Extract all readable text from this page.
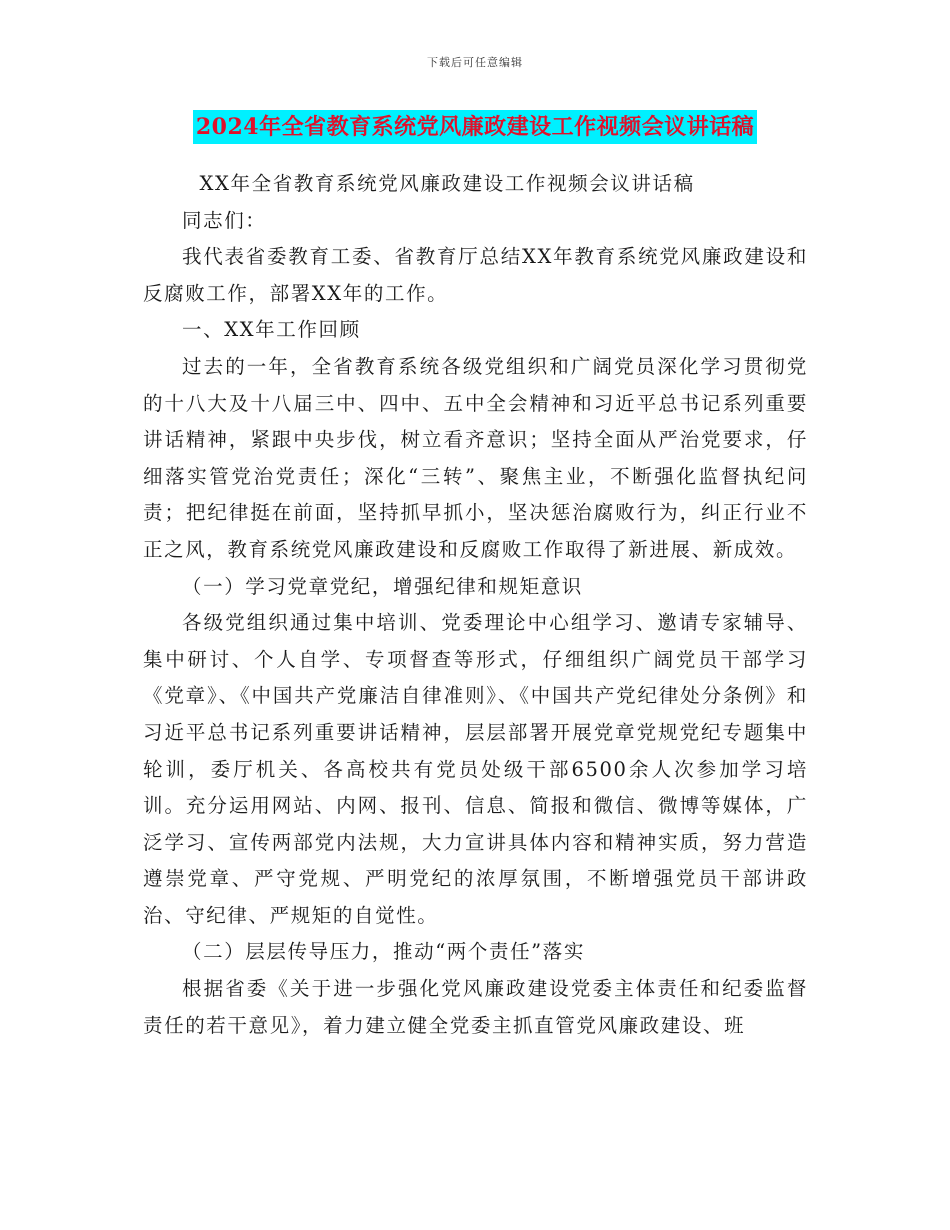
下载后可任意编辑
2024年全省教育系统党风廉政建设工作视频会议讲话稿

XX年全省教育系统党风廉政建设工作视频会议讲话稿

同志们：

我代表省委教育工委、省教育厅总结XX年教育系统党风廉政建设和反腐败工作，部署XX年的工作。

一、XX年工作回顾

过去的一年，全省教育系统各级党组织和广阔党员深化学习贯彻党的十八大及十八届三中、四中、五中全会精神和习近平总书记系列重要讲话精神，紧跟中央步伐，树立看齐意识；坚持全面从严治党要求，仔细落实管党治党责任；深化“三转”、聚焦主业，不断强化监督执纪问责；把纪律挺在前面，坚持抓早抓小，坚决惩治腐败行为，纠正行业不正之风，教育系统党风廉政建设和反腐败工作取得了新进展、新成效。

（一）学习党章党纪，增强纪律和规矩意识

各级党组织通过集中培训、党委理论中心组学习、邀请专家辅导、集中研讨、个人自学、专项督查等形式，仔细组织广阔党员干部学习《党章》、《中国共产党廉洁自律准则》、《中国共产党纪律处分条例》和习近平总书记系列重要讲话精神，层层部署开展党章党规党纪专题集中轮训，委厅机关、各高校共有党员处级干部6500余人次参加学习培训。充分运用网站、内网、报刊、信息、简报和微信、微博等媒体，广泛学习、宣传两部党内法规，大力宣讲具体内容和精神实质，努力营造遵崇党章、严守党规、严明党纪的浓厚氛围，不断增强党员干部讲政治、守纪律、严规矩的自觉性。

（二）层层传导压力，推动“两个责任”落实

根据省委《关于进一步强化党风廉政建设党委主体责任和纪委监督责任的若干意见》，着力建立健全党委主抓直管党风廉政建设、班
